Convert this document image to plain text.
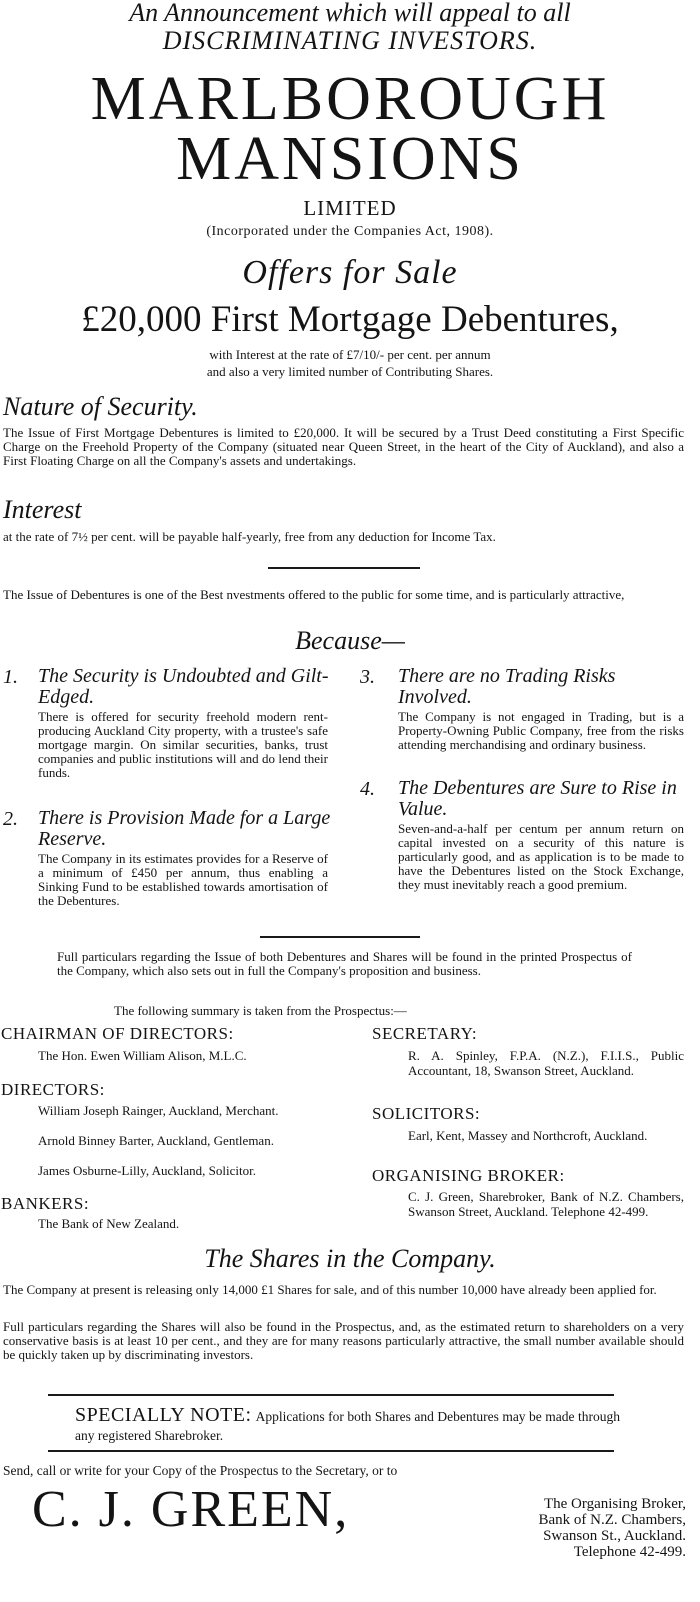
An Announcement which will appeal to all
DISCRIMINATING INVESTORS.
MARLBOROUGH
MANSIONS
LIMITED
(Incorporated under the Companies Act, 1908).
Offers for Sale
£20,000 First Mortgage Debentures,
with Interest at the rate of £7/10/- per cent. per annum
and also a very limited number of Contributing Shares.
Nature of Security.
The Issue of First Mortgage Debentures is limited to £20,000. It will be secured by a Trust Deed constituting a First Specific Charge on the Freehold Property of the Company (situated near Queen Street, in the heart of the City of Auckland), and also a First Floating Charge on all the Company's assets and undertakings.
Interest
at the rate of 7½ per cent. will be payable half-yearly, free from any deduction for Income Tax.
The Issue of Debentures is one of the Best nvestments offered to the public for some time, and is particularly attractive,
Because—
1. The Security is Undoubted and Gilt-Edged.
There is offered for security freehold modern rent-producing Auckland City property, with a trustee's safe mortgage margin. On similar securities, banks, trust companies and public institutions will and do lend their funds.
2. There is Provision Made for a Large Reserve.
The Company in its estimates provides for a Reserve of a minimum of £450 per annum, thus enabling a Sinking Fund to be established towards amortisation of the Debentures.
3. There are no Trading Risks Involved.
The Company is not engaged in Trading, but is a Property-Owning Public Company, free from the risks attending merchandising and ordinary business.
4. The Debentures are Sure to Rise in Value.
Seven-and-a-half per centum per annum return on capital invested on a security of this nature is particularly good, and as application is to be made to have the Debentures listed on the Stock Exchange, they must inevitably reach a good premium.
Full particulars regarding the Issue of both Debentures and Shares will be found in the printed Prospectus of the Company, which also sets out in full the Company's proposition and business.
The following summary is taken from the Prospectus:—
CHAIRMAN OF DIRECTORS:
The Hon. Ewen William Alison, M.L.C.
DIRECTORS:
William Joseph Rainger, Auckland, Merchant.
Arnold Binney Barter, Auckland, Gentleman.
James Osburne-Lilly, Auckland, Solicitor.
BANKERS:
The Bank of New Zealand.
SECRETARY:
R. A. Spinley, F.P.A. (N.Z.), F.I.I.S., Public Accountant, 18, Swanson Street, Auckland.
SOLICITORS:
Earl, Kent, Massey and Northcroft, Auckland.
ORGANISING BROKER:
C. J. Green, Sharebroker, Bank of N.Z. Chambers, Swanson Street, Auckland. Telephone 42-499.
The Shares in the Company.
The Company at present is releasing only 14,000 £1 Shares for sale, and of this number 10,000 have already been applied for.
Full particulars regarding the Shares will also be found in the Prospectus, and, as the estimated return to shareholders on a very conservative basis is at least 10 per cent., and they are for many reasons particularly attractive, the small number available should be quickly taken up by discriminating investors.
SPECIALLY NOTE: Applications for both Shares and Debentures may be made through any registered Sharebroker.
Send, call or write for your Copy of the Prospectus to the Secretary, or to
C. J. GREEN,	The Organising Broker,
Bank of N.Z. Chambers,
Swanson St., Auckland.
Telephone 42-499.
